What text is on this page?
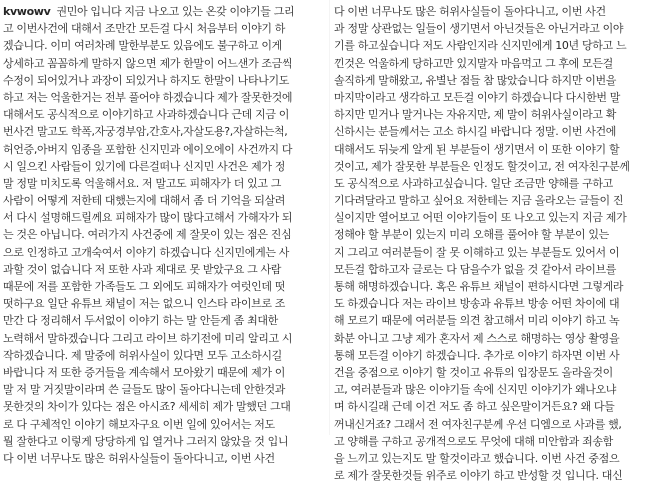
kvwowv 권민아 입니다 지금 나오고 있는 온갖 이야기들 그리
고 이번사건에 대해서 조만간 모든걸 다시 처음부터 이야기 하
겠습니다. 이미 여러차례 말한부분도 있음에도 불구하고 이게
상세하고 꼼꼼하게 말하지 않으면 제가 한말이 어느샌가 조금씩
수정이 되어있거나 과장이 되있거나 하지도 한말이 나타나기도
하고 저는 억울한거는 전부 풀어야 하겠습니다 제가 잘못한것에
대해서도 공식적으로 이야기하고 사과하겠습니다 근데 지금 이
번사건 말고도 학폭,자궁경부암,간호사,자살도용?,자살하는척,
허언증,아버지 임종을 포함한 신지민과 에이오에이 사건까지 다
시 일으킨 사람들이 있기에 다른걸떠나 신지민 사건은 제가 정
말 정말 미치도록 억울해서요. 저 말고도 피해자가 더 있고 그
사람이 어떻게 저한테 대했는지에 대해서 좀 더 기억을 되살려
서 다시 설명해드릴께요 피해자가 많이 많다고해서 가해자가 되
는 것은 아닙니다. 여러가지 사건중에 제 잘못이 있는 점은 진심
으로 인정하고 고개숙여서 이야기 하겠습니다 신지민에게는 사
과할 것이 없습니다 저 또한 사과 제대로 못 받았구요 그 사람
때문에 저를 포함한 가족들도 그 외에도 피해자가 여럿인데 떳
떳하구요 일단 유튜브 채널이 저는 없으니 인스타 라이브로 조
만간 다 정리해서 두서없이 이야기 하는 말 안듣게 좀 최대한
노력해서 말하겠습니다 그리고 라이브 하기전에 미리 알리고 시
작하겠습니다. 제 말중에 허위사실이 있다면 모두 고소하시길
바랍니다 저 또한 증거들을 계속해서 모아왔기 때문에 제가 이
말 저 말 거짓말이라며 쓴 글들도 많이 돌아다니는데 안한것과
못한것의 차이가 있다는 점은 아시죠? 세세히 제가 말했던 그대
로 다 구체적인 이야기 해보자구요 이번 일에 있어서는 저도
뭘 잘한다고 이렇게 당당하게 입 열거나 그러지 않았을 것 입니
다 이번 너무나도 많은 허위사실들이 돌아다니고, 이번 사건
다 이번 너무나도 많은 허위사실들이 돌아다니고, 이번 사건
과 정말 상관없는 일들이 생기면서 아닌것들은 아닌거라고 이야
기를 하고싶습니다 저도 사람인지라 신지민에게 10년 당하고 느
낀것은 억울하게 당하고만 있지말자 마음먹고 그 후에 모든걸
솔직하게 말해왔고, 유별난 점들 참 많았습니다 하지만 이번을
마지막이라고 생각하고 모든걸 이야기 하겠습니다 다시한번 말
하지만 믿거나 말거나는 자유지만, 제 말이 허위사실이라고 확
신하시는 분들께서는 고소 하시길 바랍니다 정말. 이번 사건에
대해서도 뒤늦게 알게 된 부분들이 생기면서 이 또한 이야기 할
것이고, 제가 잘못한 부분들은 인정도 할것이고, 전 여자친구분께
도 공식적으로 사과하고싶습니다. 일단 조금만 양해를 구하고
기다려달라고 말하고 싶어요 저한테는 지금 올라오는 글들이 진
실이지만 열어보고 어떤 이야기들이 또 나오고 있는지 지금 제가
정해야 할 부분이 있는지 미리 오해를 풀어야 할 부분이 있는
지 그리고 여러분들이 잘 못 이해하고 있는 부분들도 있어서 이
모든걸 합하고자 글로는 다 담을수가 없을 것 같아서 라이브를
통해 해명하겠습니다. 혹은 유튜브 채널이 편하시다면 그렇게라
도 하겠습니다 저는 라이브 방송과 유튜브 방송 어떤 차이에 대
해 모르기 때문에 여러분들 의견 참고해서 미리 이야기 하고 녹
화분 아니고 그냥 제가 혼자서 제 스스로 해명하는 영상 촬영을
통해 모든걸 이야기 하겠습니다. 추가로 이야기 하자면 이번 사
건을 중점으로 이야기 할 것이고 유튜의 입장문도 올라올것이
고, 여러분들과 많은 이야기들 속에 신지민 이야기가 왜나오냐
며 하시길래 근데 이건 저도 좀 하고 싶은말이거든요? 왜 다들
꺼내신거죠? 그래서 전 여자친구분께 우선 디엠으로 사과를 했,
고 양해를 구하고 공개적으로도 무엇에 대해 미안함과 죄송함
을 느끼고 있는지도 말 할것이라고 했습니다. 이번 사건 중점으
로 제가 잘못한것들 위주로 이야기 하고 반성할 것 입니다. 대신
